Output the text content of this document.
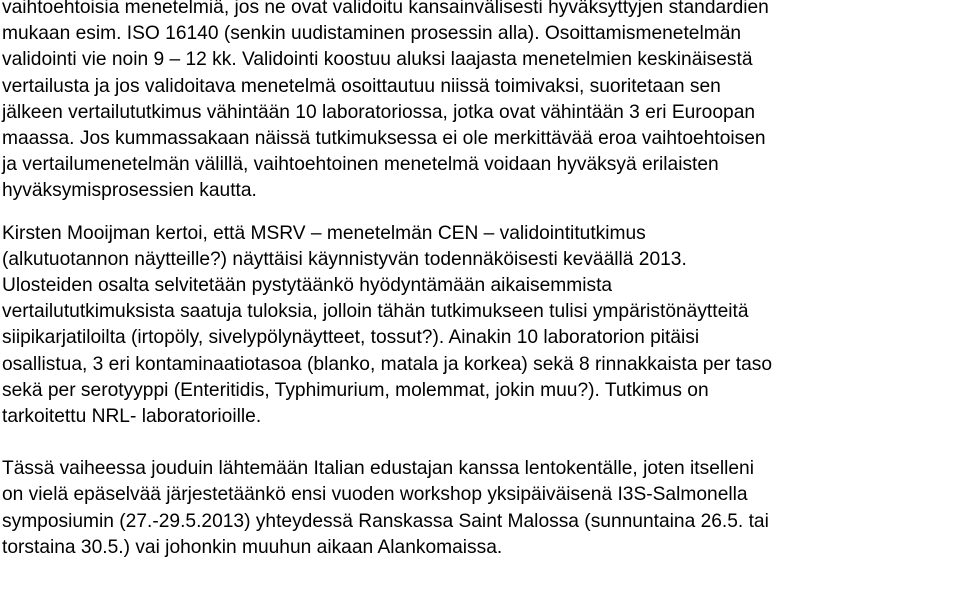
vaihtoehtoisia menetelmiä, jos ne ovat validoitu kansainvälisesti hyväksyttyjen standardien
mukaan esim. ISO 16140 (senkin uudistaminen prosessin alla). Osoittamismenetelmän
validointi vie noin 9 – 12 kk. Validointi koostuu aluksi laajasta menetelmien keskinäisestä
vertailusta ja jos validoitava menetelmä osoittautuu niissä toimivaksi, suoritetaan sen
jälkeen vertailututkimus vähintään 10 laboratoriossa, jotka ovat vähintään 3 eri Euroopan
maassa. Jos kummassakaan näissä tutkimuksessa ei ole merkittävää eroa vaihtoehtoisen
ja vertailumenetelmän välillä, vaihtoehtoinen menetelmä voidaan hyväksyä erilaisten
hyväksymisprosessien kautta.
Kirsten Mooijman kertoi, että MSRV – menetelmän CEN – validointitutkimus
(alkutuotannon näytteille?) näyttäisi käynnistyvän todennäköisesti keväällä 2013.
Ulosteiden osalta selvitetään pystytäänkö hyödyntämään aikaisemmista
vertailututkimuksista saatuja tuloksia, jolloin tähän tutkimukseen tulisi ympäristönäytteitä
siipikarjatiloilta (irtopöly, sivelypölynäytteet, tossut?). Ainakin 10 laboratorion pitäisi
osallistua, 3 eri kontaminaatiotasoa (blanko, matala ja korkea) sekä 8 rinnakkaista per taso
sekä per serotyyppi (Enteritidis, Typhimurium, molemmat, jokin muu?). Tutkimus on
tarkoitettu NRL- laboratorioille.
Tässä vaiheessa jouduin lähtemään Italian edustajan kanssa lentokentälle, joten itselleni
on vielä epäselvää järjestetäänkö ensi vuoden workshop yksipäiväisenä I3S-Salmonella
symposiumin (27.-29.5.2013) yhteydessä Ranskassa Saint Malossa (sunnuntaina 26.5. tai
torstaina 30.5.) vai johonkin muuhun aikaan Alankomaissa.
